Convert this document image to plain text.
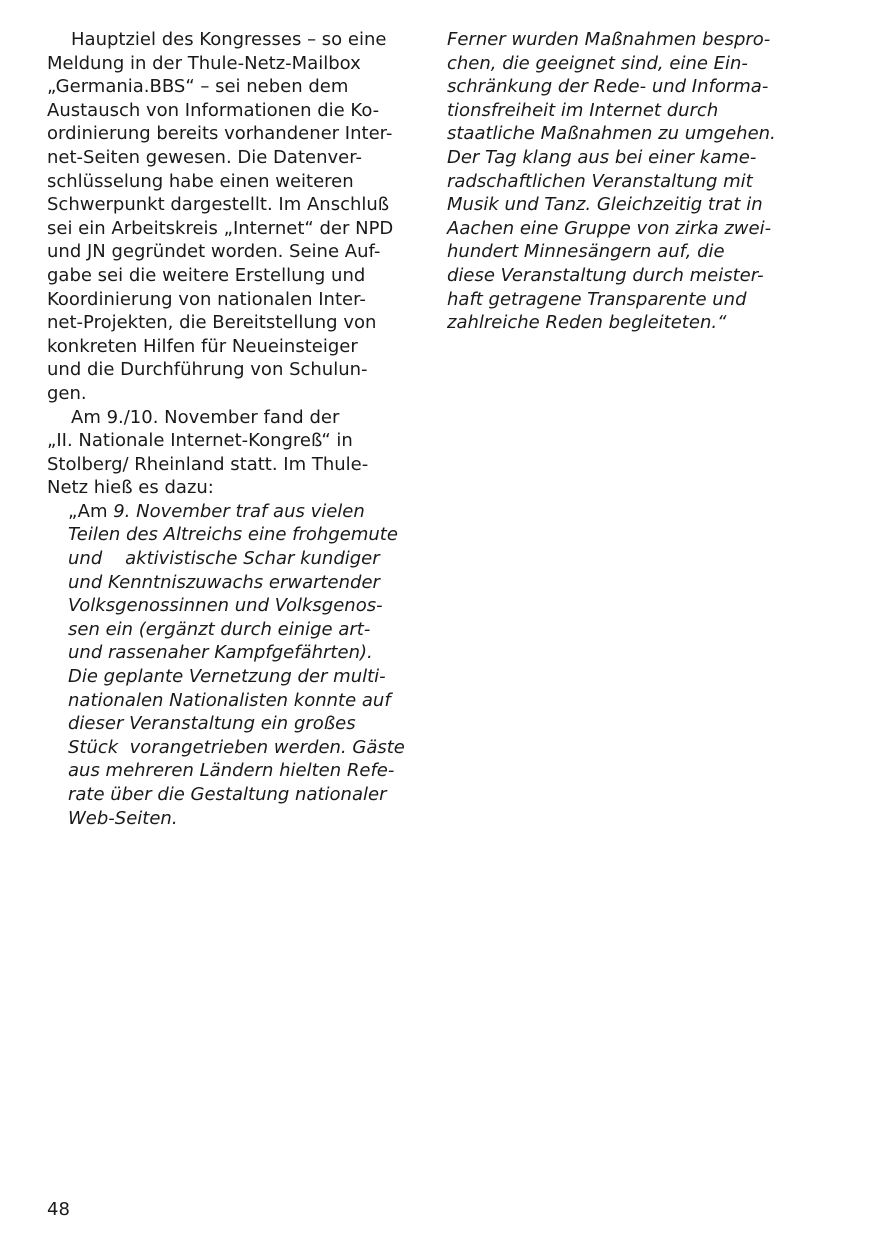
Hauptziel des Kongresses – so eine
Meldung in der Thule-Netz-Mailbox
„Germania.BBS“ – sei neben dem
Austausch von Informationen die Ko-
ordinierung bereits vorhandener Inter-
net-Seiten gewesen. Die Datenver-
schlüsselung habe einen weiteren
Schwerpunkt dargestellt. Im Anschluß
sei ein Arbeitskreis „Internet“ der NPD
und JN gegründet worden. Seine Auf-
gabe sei die weitere Erstellung und
Koordinierung von nationalen Inter-
net-Projekten, die Bereitstellung von
konkreten Hilfen für Neueinsteiger
und die Durchführung von Schulun-
gen.
Am 9./10. November fand der
„II. Nationale Internet-Kongreß“ in
Stolberg/ Rheinland statt. Im Thule-
Netz hieß es dazu:
„Am 9. November traf aus vielen
Teilen des Altreichs eine frohgemute
und    aktivistische Schar kundiger
und Kenntniszuwachs erwartender
Volksgenossinnen und Volksgenos-
sen ein (ergänzt durch einige art-
und rassenaher Kampfgefährten).
Die geplante Vernetzung der multi-
nationalen Nationalisten konnte auf
dieser Veranstaltung ein großes
Stück  vorangetrieben werden. Gäste
aus mehreren Ländern hielten Refe-
rate über die Gestaltung nationaler
Web-Seiten.
Ferner wurden Maßnahmen bespro-
chen, die geeignet sind, eine Ein-
schränkung der Rede- und Informa-
tionsfreiheit im Internet durch
staatliche Maßnahmen zu umgehen.
Der Tag klang aus bei einer kame-
radschaftlichen Veranstaltung mit
Musik und Tanz. Gleichzeitig trat in
Aachen eine Gruppe von zirka zwei-
hundert Minnesängern auf, die
diese Veranstaltung durch meister-
haft getragene Transparente und
zahlreiche Reden begleiteten.“
48
